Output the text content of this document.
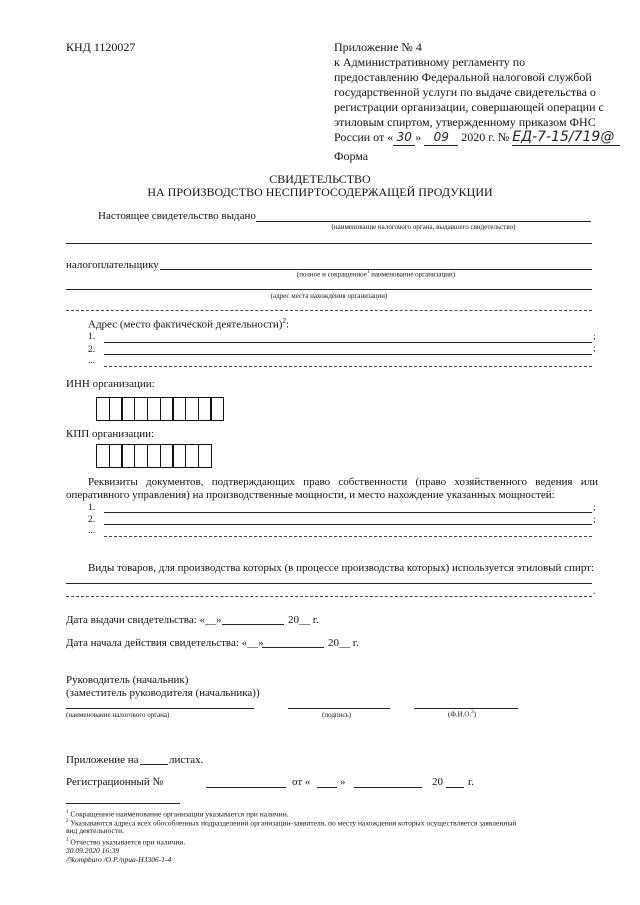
КНД 1120027	Приложение № 4
к Административному регламенту по
предоставлению Федеральной налоговой службой
государственной услуги по выдаче свидетельства о
регистрации организации, совершающей операции с
этиловым спиртом, утвержденному приказом ФНС
России от « 30 » 09 2020 г. № ЕД-7-15/719@
Форма
СВИДЕТЕЛЬСТВО
НА ПРОИЗВОДСТВО НЕСПИРТОСОДЕРЖАЩЕЙ ПРОДУКЦИИ
Настоящее свидетельство выдано
(наименование налогового органа, выдавшего свидетельство)
налогоплательщику
(полное и сокращенное$^1$ наименование организации)
(адрес места нахождения организации)
Адрес (место фактической деятельности)$^2$:
1.	;
2.	;
...
ИНН организации:
КПП организации:
Реквизиты документов, подтверждающих право собственности (право хозяйственного ведения или
оперативного управления) на производственные мощности, и место нахождение указанных мощностей:
1.	;
2.	;
...
Виды товаров, для производства которых (в процессе производства которых) используется этиловый спирт:
.
Дата выдачи свидетельства: «__»	20__ г.
Дата начала действия свидетельства: «__»	20__ г.
Руководитель (начальник)
(заместитель руководителя (начальника))
(наименование налогового органа)	(подпись)	(Ф.И.О.$^3$)
Приложение на	листах.
Регистрационный №	от «	»	20 г.
$^1$ Сокращенное наименование организации указывается при наличии.
$^2$ Указываются адреса всех обособленных подразделений организации-заявителя, по месту нахождения которых осуществляется заявленный
вид деятельности.
$^3$ Отчество указывается при наличии.
30.09.2020 16:39
⎙kompburo /О.Р./приа-Н3306-1-4
